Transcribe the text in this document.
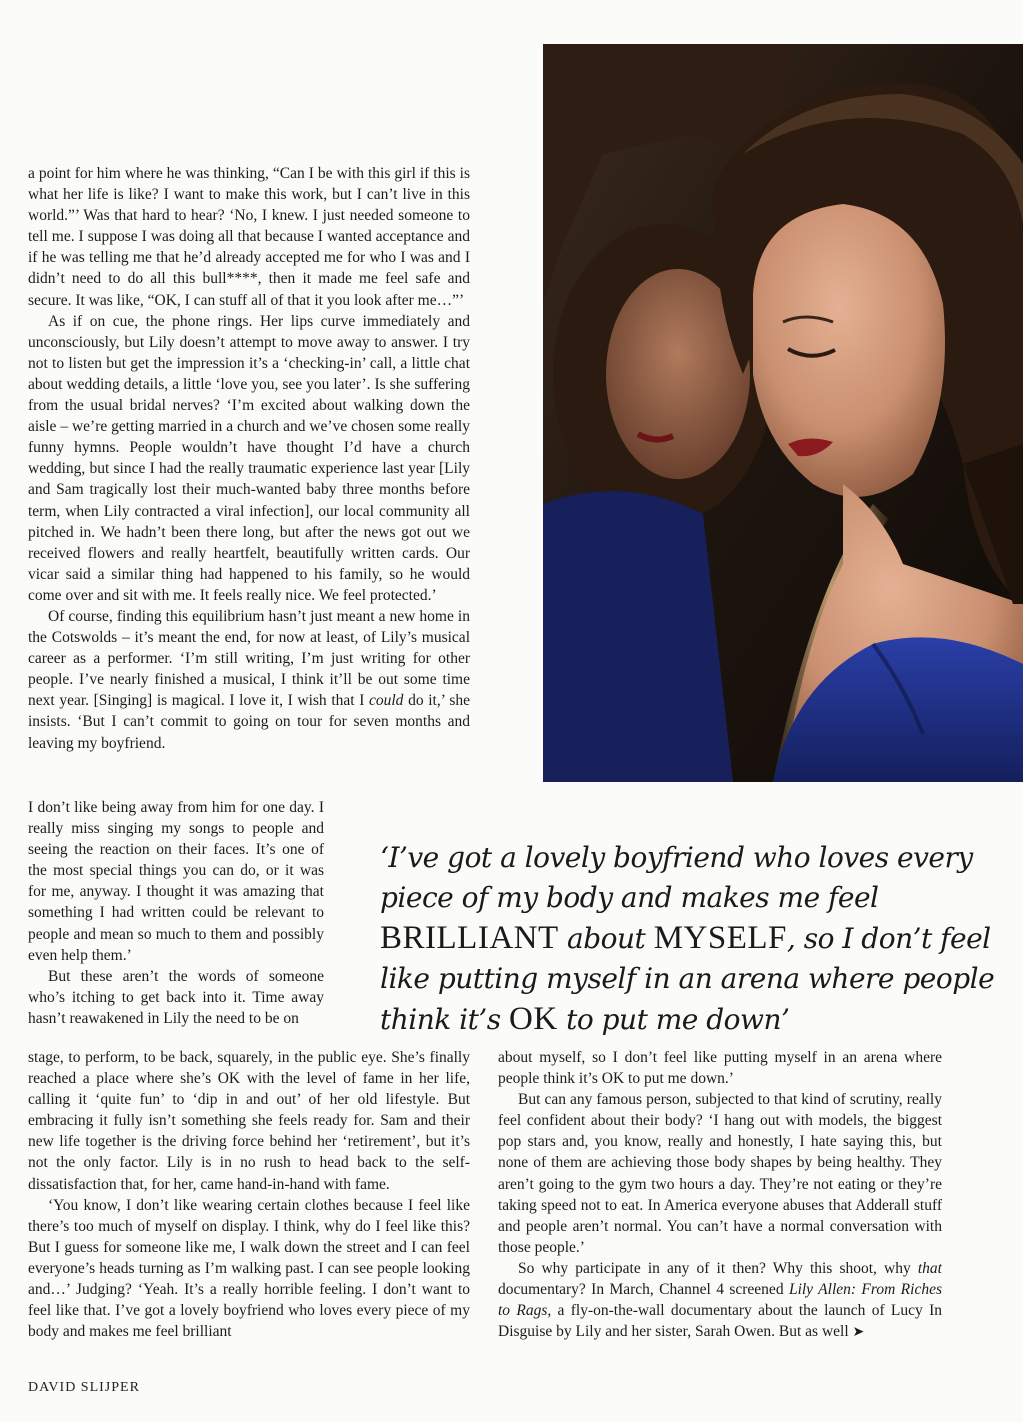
a point for him where he was thinking, “Can I be with this girl if this is what her life is like? I want to make this work, but I can’t live in this world.”’ Was that hard to hear? ‘No, I knew. I just needed someone to tell me. I suppose I was doing all that because I wanted acceptance and if he was telling me that he’d already accepted me for who I was and I didn’t need to do all this bull****, then it made me feel safe and secure. It was like, “OK, I can stuff all of that it you look after me…”’

As if on cue, the phone rings. Her lips curve immediately and unconsciously, but Lily doesn’t attempt to move away to answer. I try not to listen but get the impression it’s a ‘checking-in’ call, a little chat about wedding details, a little ‘love you, see you later’. Is she suffering from the usual bridal nerves? ‘I’m excited about walking down the aisle – we’re getting married in a church and we’ve chosen some really funny hymns. People wouldn’t have thought I’d have a church wedding, but since I had the really traumatic experience last year [Lily and Sam tragically lost their much-wanted baby three months before term, when Lily contracted a viral infection], our local community all pitched in. We hadn’t been there long, but after the news got out we received flowers and really heartfelt, beautifully written cards. Our vicar said a similar thing had happened to his family, so he would come over and sit with me. It feels really nice. We feel protected.’

Of course, finding this equilibrium hasn’t just meant a new home in the Cotswolds – it’s meant the end, for now at least, of Lily’s musical career as a performer. ‘I’m still writing, I’m just writing for other people. I’ve nearly finished a musical, I think it’ll be out some time next year. [Singing] is magical. I love it, I wish that I could do it,’ she insists. ‘But I can’t commit to going on tour for seven months and leaving my boyfriend.

I don’t like being away from him for one day. I really miss singing my songs to people and seeing the reaction on their faces. It’s one of the most special things you can do, or it was for me, anyway. I thought it was amazing that something I had written could be relevant to people and mean so much to them and possibly even help them.’

But these aren’t the words of someone who’s itching to get back into it. Time away hasn’t reawakened in Lily the need to be on

‘I’ve got a lovely boyfriend who loves every piece of my body and makes me feel BRILLIANT about MYSELF, so I don’t feel like putting myself in an arena where people think it’s OK to put me down’

stage, to perform, to be back, squarely, in the public eye. She’s finally reached a place where she’s OK with the level of fame in her life, calling it ‘quite fun’ to ‘dip in and out’ of her old lifestyle. But embracing it fully isn’t something she feels ready for. Sam and their new life together is the driving force behind her ‘retirement’, but it’s not the only factor. Lily is in no rush to head back to the self-dissatisfaction that, for her, came hand-in-hand with fame.

‘You know, I don’t like wearing certain clothes because I feel like there’s too much of myself on display. I think, why do I feel like this? But I guess for someone like me, I walk down the street and I can feel everyone’s heads turning as I’m walking past. I can see people looking and…’ Judging? ‘Yeah. It’s a really horrible feeling. I don’t want to feel like that. I’ve got a lovely boyfriend who loves every piece of my body and makes me feel brilliant

about myself, so I don’t feel like putting myself in an arena where people think it’s OK to put me down.’

But can any famous person, subjected to that kind of scrutiny, really feel confident about their body? ‘I hang out with models, the biggest pop stars and, you know, really and honestly, I hate saying this, but none of them are achieving those body shapes by being healthy. They aren’t going to the gym two hours a day. They’re not eating or they’re taking speed not to eat. In America everyone abuses that Adderall stuff and people aren’t normal. You can’t have a normal conversation with those people.’

So why participate in any of it then? Why this shoot, why that documentary? In March, Channel 4 screened Lily Allen: From Riches to Rags, a fly-on-the-wall documentary about the launch of Lucy In Disguise by Lily and her sister, Sarah Owen. But as well ➤

DAVID SLIJPER
